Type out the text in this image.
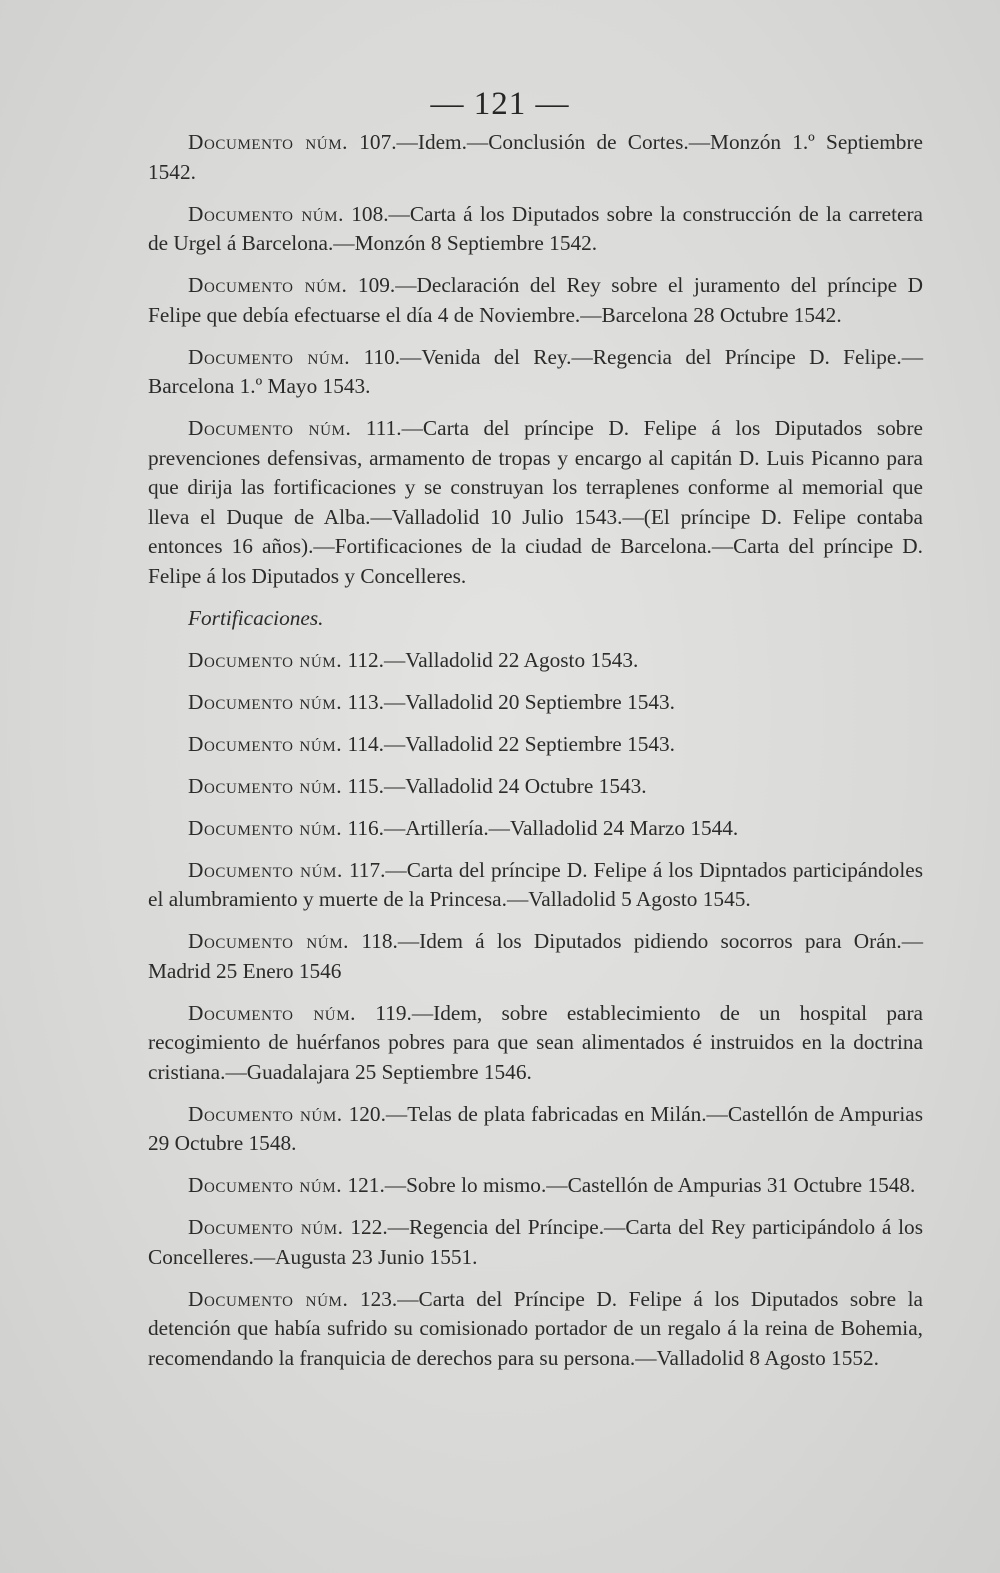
— 121 —

Documento núm. 107.—Idem.—Conclusión de Cortes.—Monzón 1.º Septiembre 1542.

Documento núm. 108.—Carta á los Diputados sobre la construcción de la carretera de Urgel á Barcelona.—Monzón 8 Septiembre 1542.

Documento núm. 109.—Declaración del Rey sobre el juramento del príncipe D Felipe que debía efectuarse el día 4 de Noviembre.—Barcelona 28 Octubre 1542.

Documento núm. 110.—Venida del Rey.—Regencia del Príncipe D. Felipe.—Barcelona 1.º Mayo 1543.

Documento núm. 111.—Carta del príncipe D. Felipe á los Diputados sobre prevenciones defensivas, armamento de tropas y encargo al capitán D. Luis Picanno para que dirija las fortificaciones y se construyan los terraplenes conforme al memorial que lleva el Duque de Alba.—Valladolid 10 Julio 1543.—(El príncipe D. Felipe contaba entonces 16 años).—Fortificaciones de la ciudad de Barcelona.—Carta del príncipe D. Felipe á los Diputados y Concelleres.

Fortificaciones.

Documento núm. 112.—Valladolid 22 Agosto 1543.

Documento núm. 113.—Valladolid 20 Septiembre 1543.

Documento núm. 114.—Valladolid 22 Septiembre 1543.

Documento núm. 115.—Valladolid 24 Octubre 1543.

Documento núm. 116.—Artillería.—Valladolid 24 Marzo 1544.

Documento núm. 117.—Carta del príncipe D. Felipe á los Dipntados participándoles el alumbramiento y muerte de la Princesa.—Valladolid 5 Agosto 1545.

Documento núm. 118.—Idem á los Diputados pidiendo socorros para Orán.—Madrid 25 Enero 1546

Documento núm. 119.—Idem, sobre establecimiento de un hospital para recogimiento de huérfanos pobres para que sean alimentados é instruidos en la doctrina cristiana.—Guadalajara 25 Septiembre 1546.

Documento núm. 120.—Telas de plata fabricadas en Milán.—Castellón de Ampurias 29 Octubre 1548.

Documento núm. 121.—Sobre lo mismo.—Castellón de Ampurias 31 Octubre 1548.

Documento núm. 122.—Regencia del Príncipe.—Carta del Rey participándolo á los Concelleres.—Augusta 23 Junio 1551.

Documento núm. 123.—Carta del Príncipe D. Felipe á los Diputados sobre la detención que había sufrido su comisionado portador de un regalo á la reina de Bohemia, recomendando la franquicia de derechos para su persona.—Valladolid 8 Agosto 1552.
